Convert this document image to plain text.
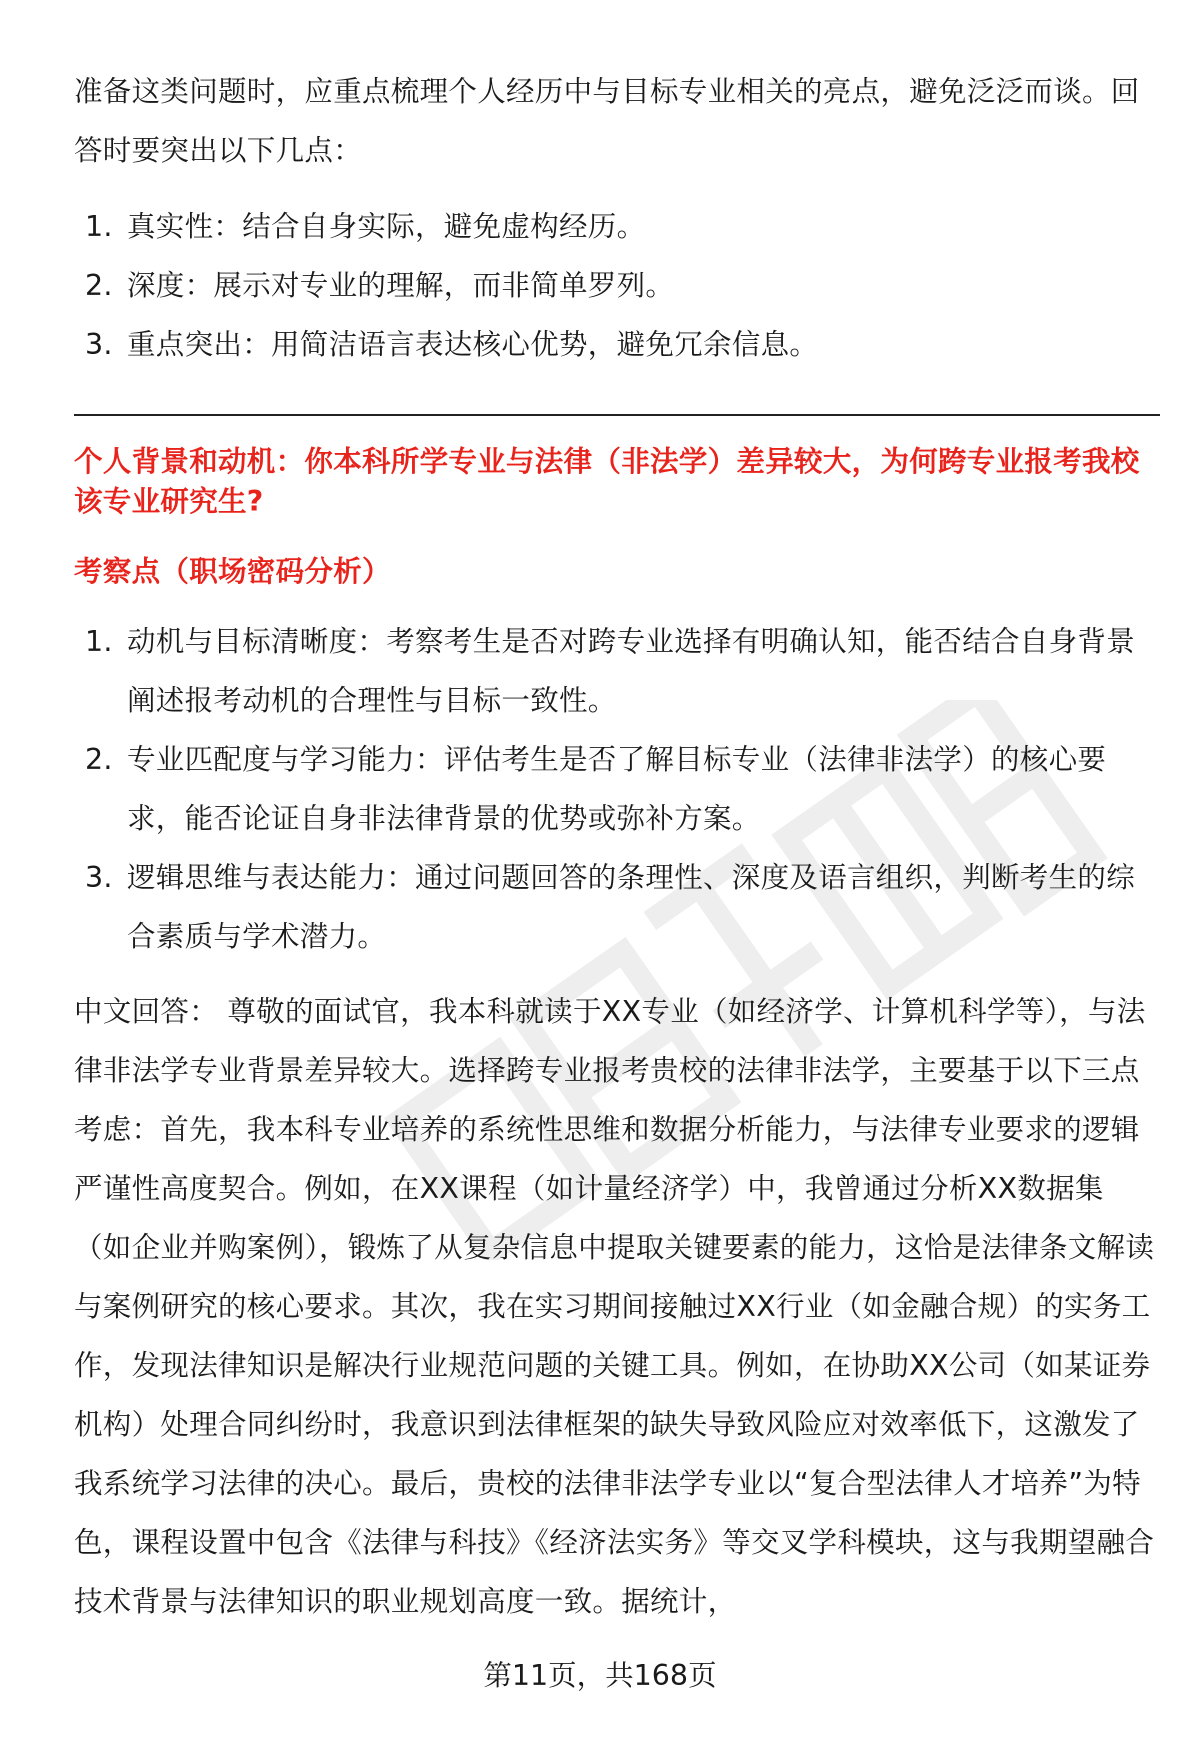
准备这类问题时，应重点梳理个人经历中与目标专业相关的亮点，避免泛泛而谈。回答时要突出以下几点：

1. 真实性：结合自身实际，避免虚构经历。
2. 深度：展示对专业的理解，而非简单罗列。
3. 重点突出：用简洁语言表达核心优势，避免冗余信息。
个人背景和动机：你本科所学专业与法律（非法学）差异较大，为何跨专业报考我校该专业研究生?
考察点（职场密码分析）
1. 动机与目标清晰度：考察考生是否对跨专业选择有明确认知，能否结合自身背景阐述报考动机的合理性与目标一致性。
2. 专业匹配度与学习能力：评估考生是否了解目标专业（法律非法学）的核心要求，能否论证自身非法律背景的优势或弥补方案。
3. 逻辑思维与表达能力：通过问题回答的条理性、深度及语言组织，判断考生的综合素质与学术潜力。

中文回答： 尊敬的面试官，我本科就读于XX专业（如经济学、计算机科学等），与法律非法学专业背景差异较大。选择跨专业报考贵校的法律非法学，主要基于以下三点考虑：首先，我本科专业培养的系统性思维和数据分析能力，与法律专业要求的逻辑严谨性高度契合。例如，在XX课程（如计量经济学）中，我曾通过分析XX数据集（如企业并购案例），锻炼了从复杂信息中提取关键要素的能力，这恰是法律条文解读与案例研究的核心要求。其次，我在实习期间接触过XX行业（如金融合规）的实务工作，发现法律知识是解决行业规范问题的关键工具。例如，在协助XX公司（如某证券机构）处理合同纠纷时，我意识到法律框架的缺失导致风险应对效率低下，这激发了我系统学习法律的决心。最后，贵校的法律非法学专业以“复合型法律人才培养”为特色，课程设置中包含《法律与科技》《经济法实务》等交叉学科模块，这与我期望融合技术背景与法律知识的职业规划高度一致。据统计，

第11页，共168页
